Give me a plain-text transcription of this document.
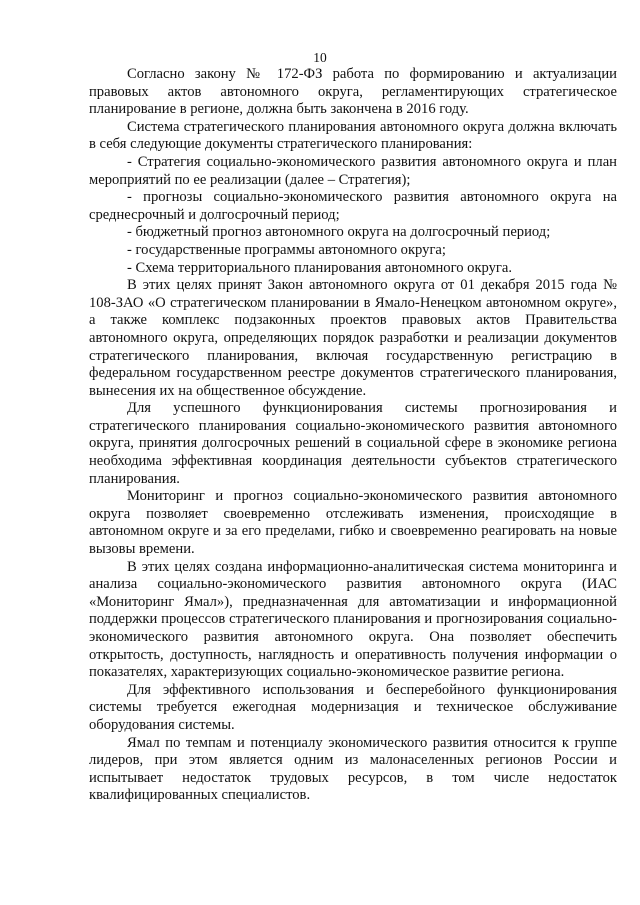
10

Согласно закону № 172-ФЗ работа по формированию и актуализации правовых актов автономного округа, регламентирующих стратегическое планирование в регионе, должна быть закончена в 2016 году.

Система стратегического планирования автономного округа должна включать в себя следующие документы стратегического планирования:

- Стратегия социально-экономического развития автономного округа и план мероприятий по ее реализации (далее – Стратегия);

- прогнозы социально-экономического развития автономного округа на среднесрочный и долгосрочный период;

- бюджетный прогноз автономного округа на долгосрочный период;

- государственные программы автономного округа;

- Схема территориального планирования автономного округа.

В этих целях принят Закон автономного округа от 01 декабря 2015 года № 108-ЗАО «О стратегическом планировании в Ямало-Ненецком автономном округе», а также комплекс подзаконных проектов правовых актов Правительства автономного округа, определяющих порядок разработки и реализации документов стратегического планирования, включая государственную регистрацию в федеральном государственном реестре документов стратегического планирования, вынесения их на общественное обсуждение.

Для успешного функционирования системы прогнозирования и стратегического планирования социально-экономического развития автономного округа, принятия долгосрочных решений в социальной сфере в экономике региона необходима эффективная координация деятельности субъектов стратегического планирования.

Мониторинг и прогноз социально-экономического развития автономного округа позволяет своевременно отслеживать изменения, происходящие в автономном округе и за его пределами, гибко и своевременно реагировать на новые вызовы времени.

В этих целях создана информационно-аналитическая система мониторинга и анализа социально-экономического развития автономного округа (ИАС «Мониторинг Ямал»), предназначенная для автоматизации и информационной поддержки процессов стратегического планирования и прогнозирования социально-экономического развития автономного округа. Она позволяет обеспечить открытость, доступность, наглядность и оперативность получения информации о показателях, характеризующих социально-экономическое развитие региона.

Для эффективного использования и бесперебойного функционирования системы требуется ежегодная модернизация и техническое обслуживание оборудования системы.

Ямал по темпам и потенциалу экономического развития относится к группе лидеров, при этом является одним из малонаселенных регионов России и испытывает недостаток трудовых ресурсов, в том числе недостаток квалифицированных специалистов.
